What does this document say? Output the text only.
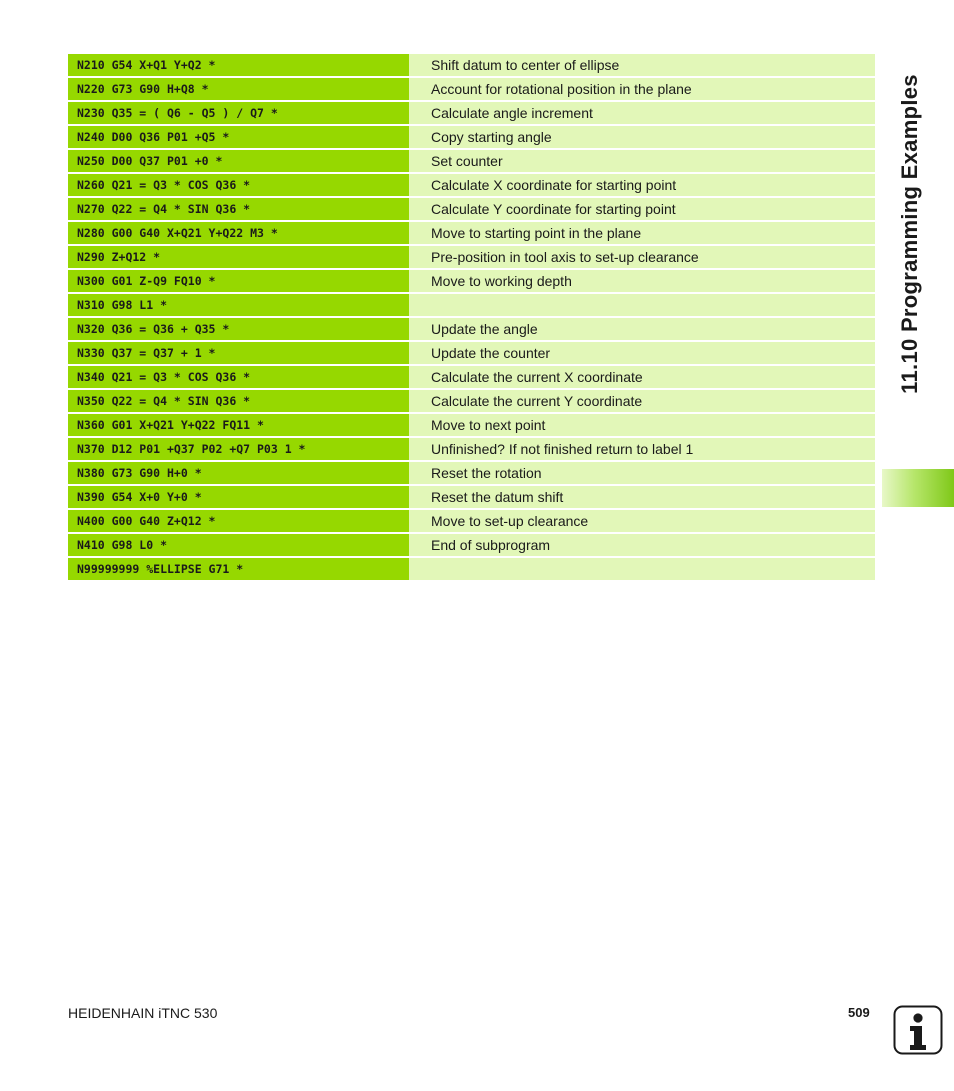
N210 G54 X+Q1 Y+Q2 *	Shift datum to center of ellipse
N220 G73 G90 H+Q8 *	Account for rotational position in the plane
N230 Q35 = ( Q6 - Q5 ) / Q7 *	Calculate angle increment
N240 D00 Q36 P01 +Q5 *	Copy starting angle
N250 D00 Q37 P01 +0 *	Set counter
N260 Q21 = Q3 * COS Q36 *	Calculate X coordinate for starting point
N270 Q22 = Q4 * SIN Q36 *	Calculate Y coordinate for starting point
N280 G00 G40 X+Q21 Y+Q22 M3 *	Move to starting point in the plane
N290 Z+Q12 *	Pre-position in tool axis to set-up clearance
N300 G01 Z-Q9 FQ10 *	Move to working depth
N310 G98 L1 *
N320 Q36 = Q36 + Q35 *	Update the angle
N330 Q37 = Q37 + 1 *	Update the counter
N340 Q21 = Q3 * COS Q36 *	Calculate the current X coordinate
N350 Q22 = Q4 * SIN Q36 *	Calculate the current Y coordinate
N360 G01 X+Q21 Y+Q22 FQ11 *	Move to next point
N370 D12 P01 +Q37 P02 +Q7 P03 1 *	Unfinished? If not finished return to label 1
N380 G73 G90 H+0 *	Reset the rotation
N390 G54 X+0 Y+0 *	Reset the datum shift
N400 G00 G40 Z+Q12 *	Move to set-up clearance
N410 G98 L0 *	End of subprogram
N99999999 %ELLIPSE G71 *
11.10 Programming Examples
HEIDENHAIN iTNC 530	509
